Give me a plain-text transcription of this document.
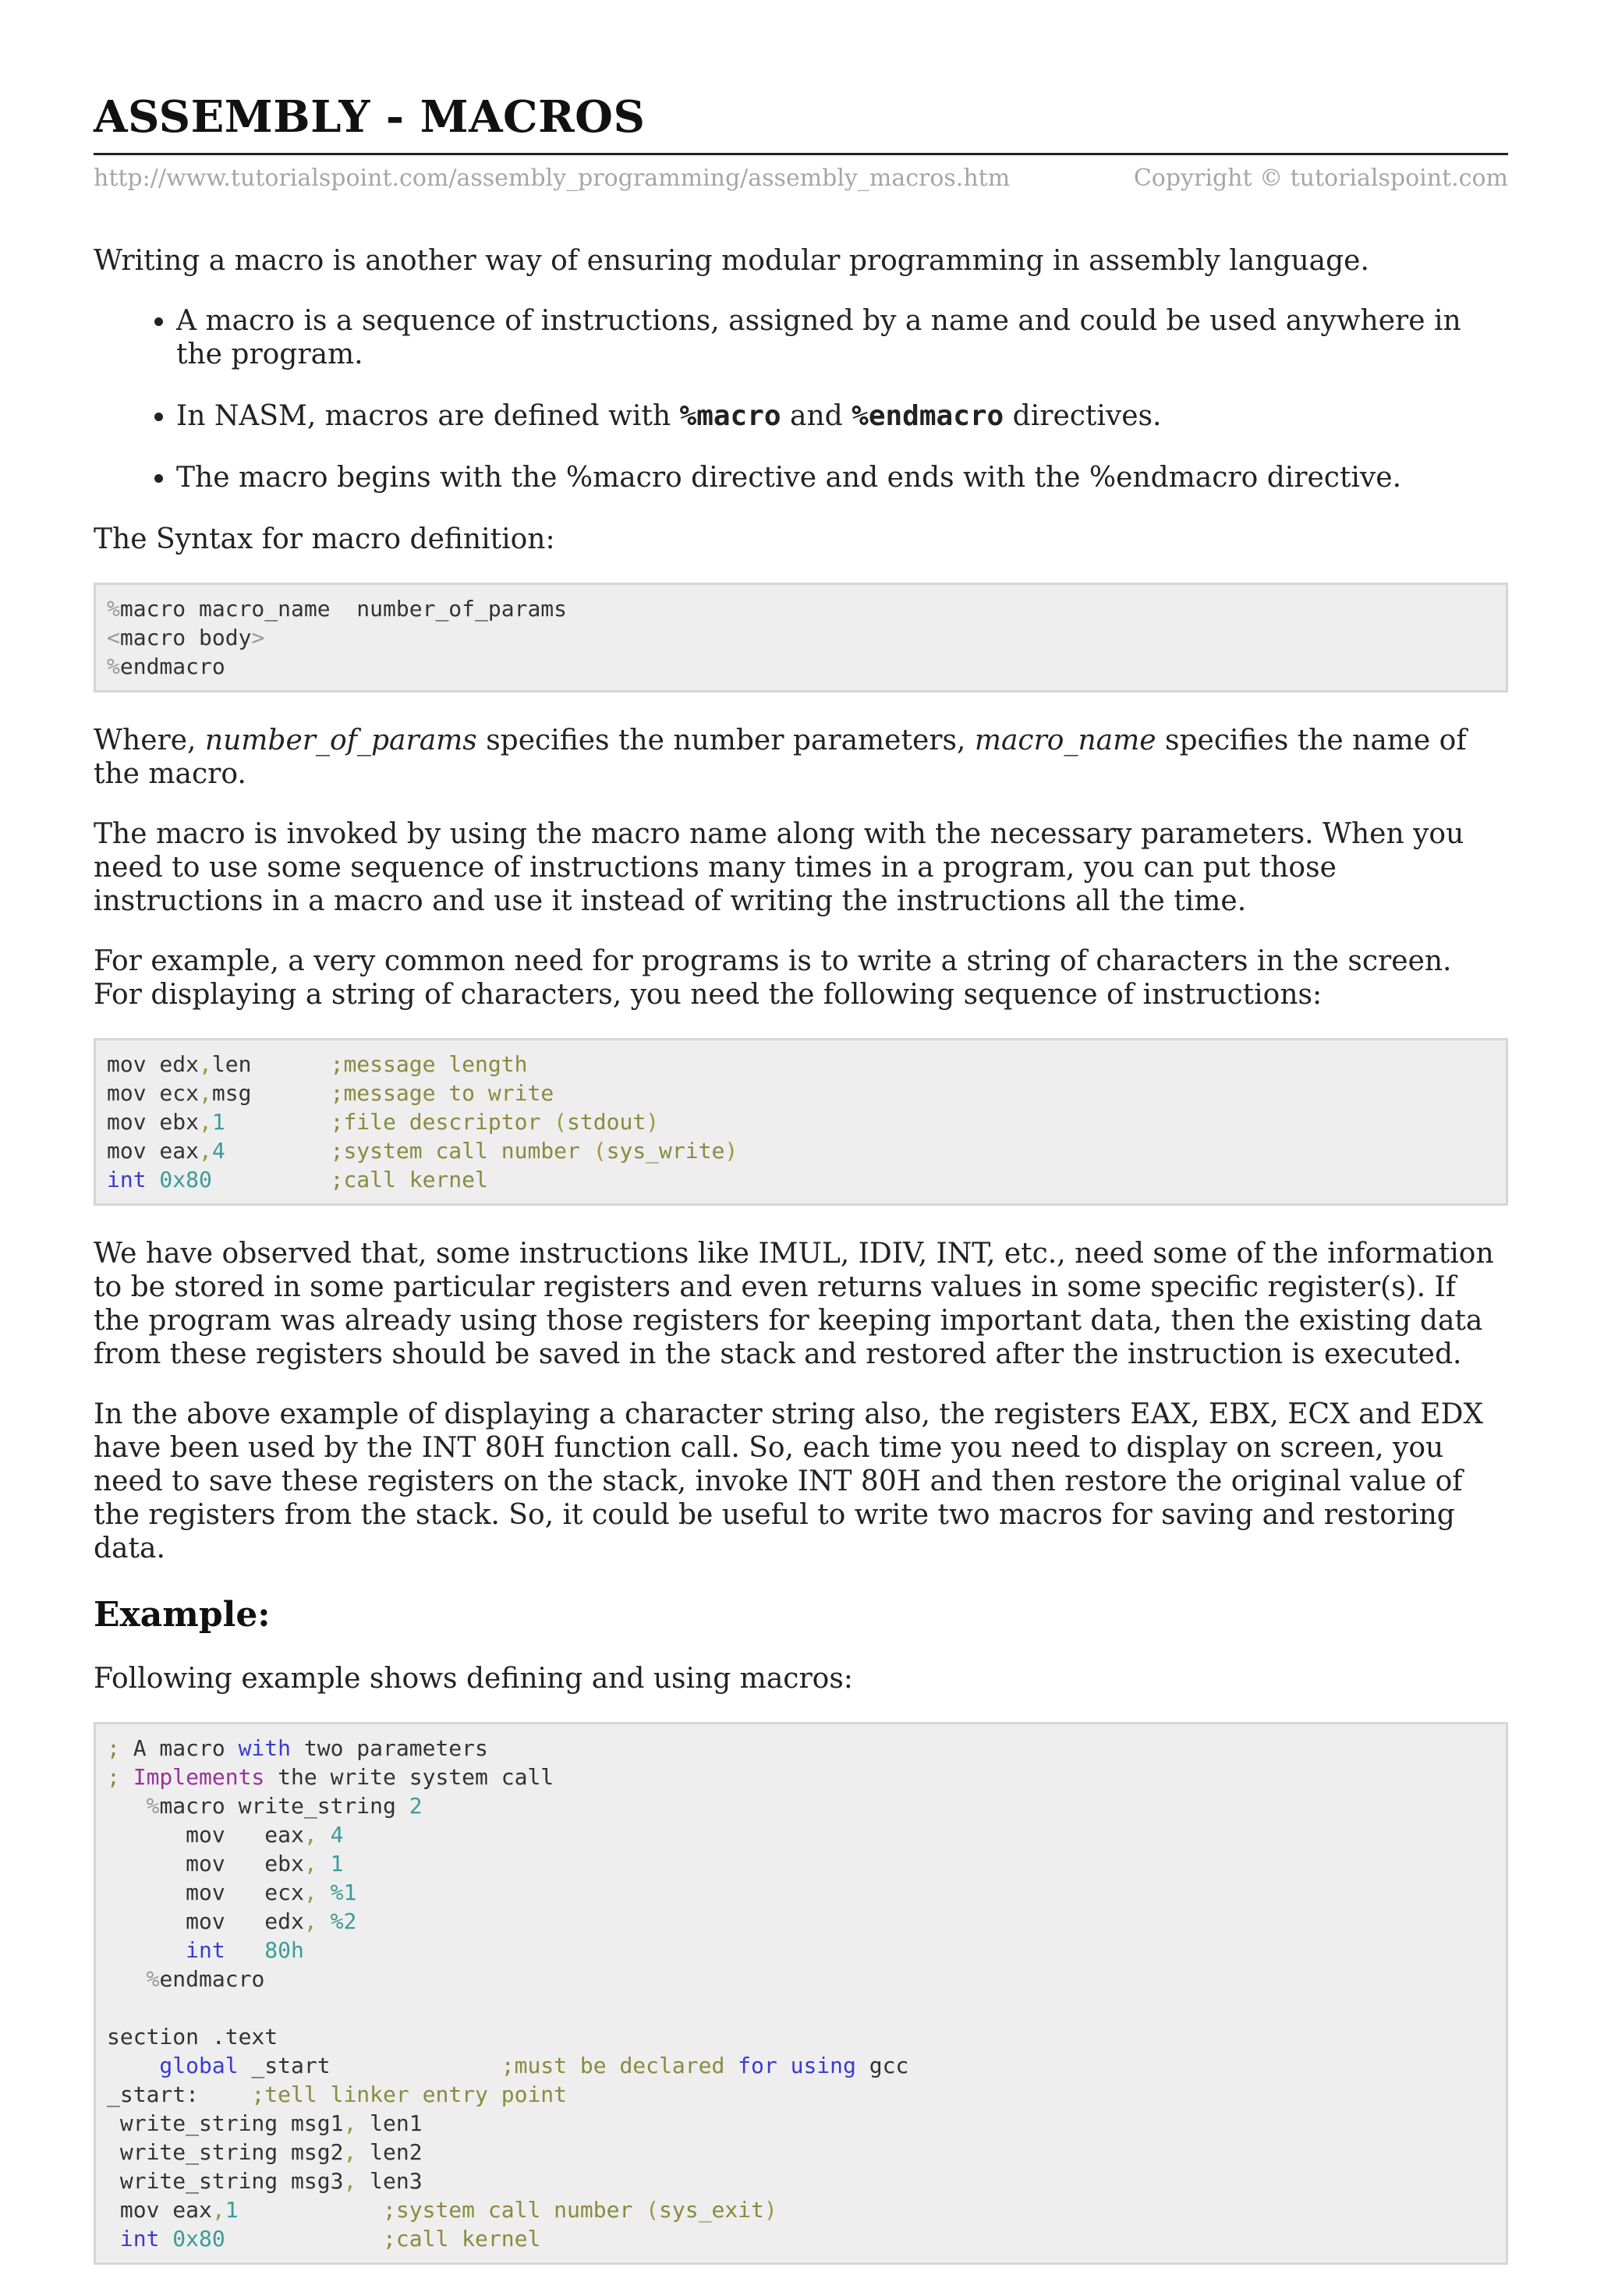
ASSEMBLY - MACROS
http://www.tutorialspoint.com/assembly_programming/assembly_macros.htm	Copyright © tutorialspoint.com

Writing a macro is another way of ensuring modular programming in assembly language.

• A macro is a sequence of instructions, assigned by a name and could be used anywhere in the program.
• In NASM, macros are defined with %macro and %endmacro directives.
• The macro begins with the %macro directive and ends with the %endmacro directive.

The Syntax for macro definition:

%macro macro_name  number_of_params
<macro body>
%endmacro

Where, number_of_params specifies the number parameters, macro_name specifies the name of the macro.

The macro is invoked by using the macro name along with the necessary parameters. When you need to use some sequence of instructions many times in a program, you can put those instructions in a macro and use it instead of writing the instructions all the time.

For example, a very common need for programs is to write a string of characters in the screen. For displaying a string of characters, you need the following sequence of instructions:

mov edx,len      ;message length
mov ecx,msg      ;message to write
mov ebx,1	;file descriptor (stdout)
mov eax,4	;system call number (sys_write)
int 0x80	;call kernel

We have observed that, some instructions like IMUL, IDIV, INT, etc., need some of the information to be stored in some particular registers and even returns values in some specific register(s). If the program was already using those registers for keeping important data, then the existing data from these registers should be saved in the stack and restored after the instruction is executed.

In the above example of displaying a character string also, the registers EAX, EBX, ECX and EDX have been used by the INT 80H function call. So, each time you need to display on screen, you need to save these registers on the stack, invoke INT 80H and then restore the original value of the registers from the stack. So, it could be useful to write two macros for saving and restoring data.

Example:

Following example shows defining and using macros:

; A macro with two parameters
; Implements the write system call
%macro write_string 2
mov   eax, 4
mov   ebx, 1
mov   ecx, %1
mov   edx, %2
int   80h
%endmacro
section .text
global _start             ;must be declared for using gcc
_start:    ;tell linker entry point
write_string msg1, len1
write_string msg2, len2
write_string msg3, len3
mov eax,1	;system call number (sys_exit)
int 0x80	;call kernel
